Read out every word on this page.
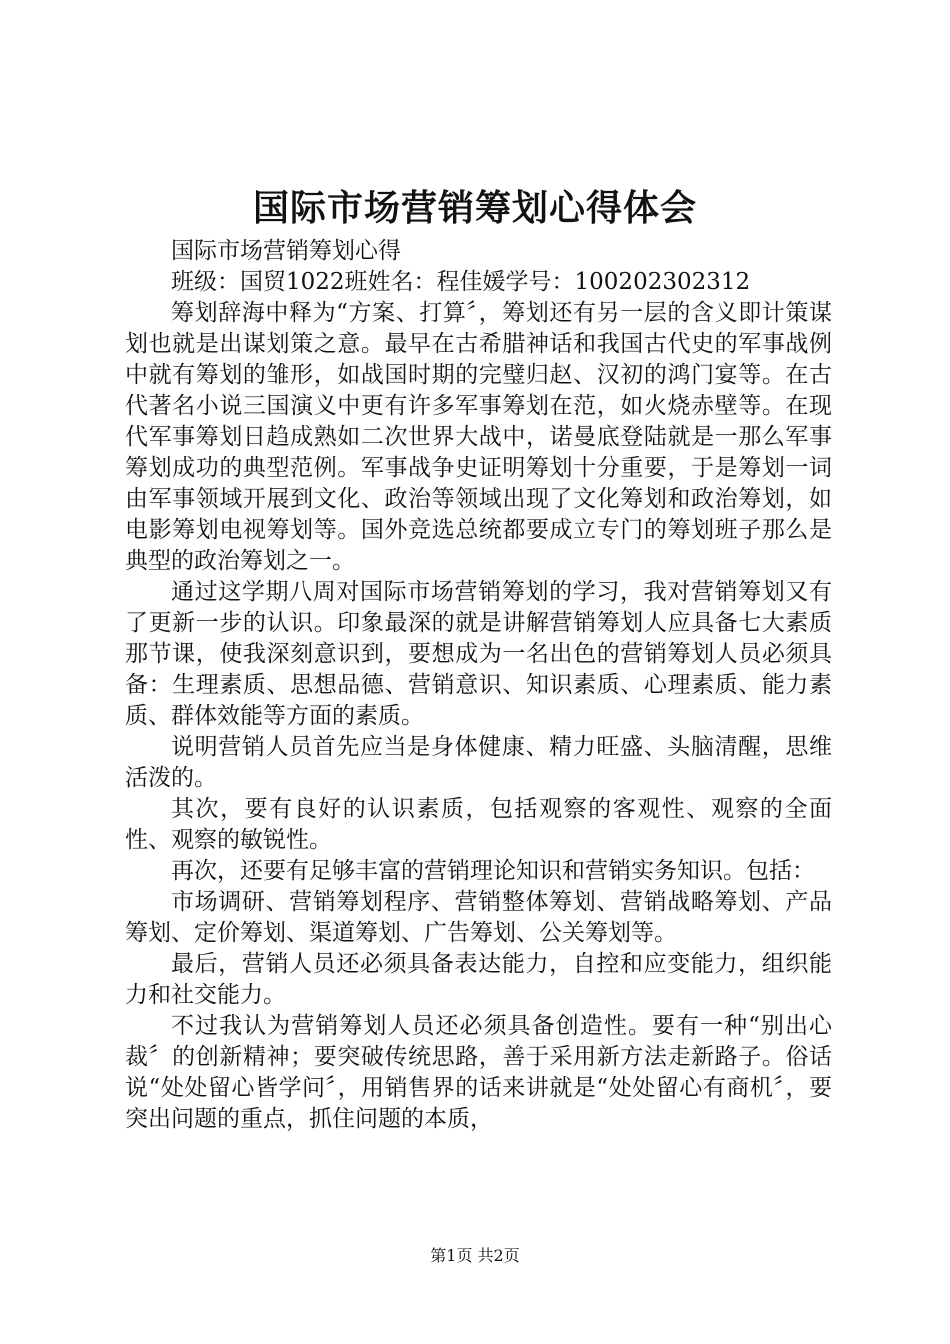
国际市场营销筹划心得体会

国际市场营销筹划心得

班级：国贸1022班姓名：程佳媛学号：100202302312

筹划辞海中释为“方案、打算〞，筹划还有另一层的含义即计策谋划也就是出谋划策之意。最早在古希腊神话和我国古代史的军事战例中就有筹划的雏形，如战国时期的完璧归赵、汉初的鸿门宴等。在古代著名小说三国演义中更有许多军事筹划在范，如火烧赤壁等。在现代军事筹划日趋成熟如二次世界大战中，诺曼底登陆就是一那么军事筹划成功的典型范例。军事战争史证明筹划十分重要，于是筹划一词由军事领域开展到文化、政治等领域出现了文化筹划和政治筹划，如电影筹划电视筹划等。国外竞选总统都要成立专门的筹划班子那么是典型的政治筹划之一。

通过这学期八周对国际市场营销筹划的学习，我对营销筹划又有了更新一步的认识。印象最深的就是讲解营销筹划人应具备七大素质那节课，使我深刻意识到，要想成为一名出色的营销筹划人员必须具备：生理素质、思想品德、营销意识、知识素质、心理素质、能力素质、群体效能等方面的素质。

说明营销人员首先应当是身体健康、精力旺盛、头脑清醒，思维活泼的。

其次，要有良好的认识素质，包括观察的客观性、观察的全面性、观察的敏锐性。

再次，还要有足够丰富的营销理论知识和营销实务知识。包括：

市场调研、营销筹划程序、营销整体筹划、营销战略筹划、产品筹划、定价筹划、渠道筹划、广告筹划、公关筹划等。

最后，营销人员还必须具备表达能力，自控和应变能力，组织能力和社交能力。

不过我认为营销筹划人员还必须具备创造性。要有一种“别出心裁〞的创新精神；要突破传统思路，善于采用新方法走新路子。俗话说“处处留心皆学问〞，用销售界的话来讲就是“处处留心有商机〞，要突出问题的重点，抓住问题的本质，

第1页 共2页
